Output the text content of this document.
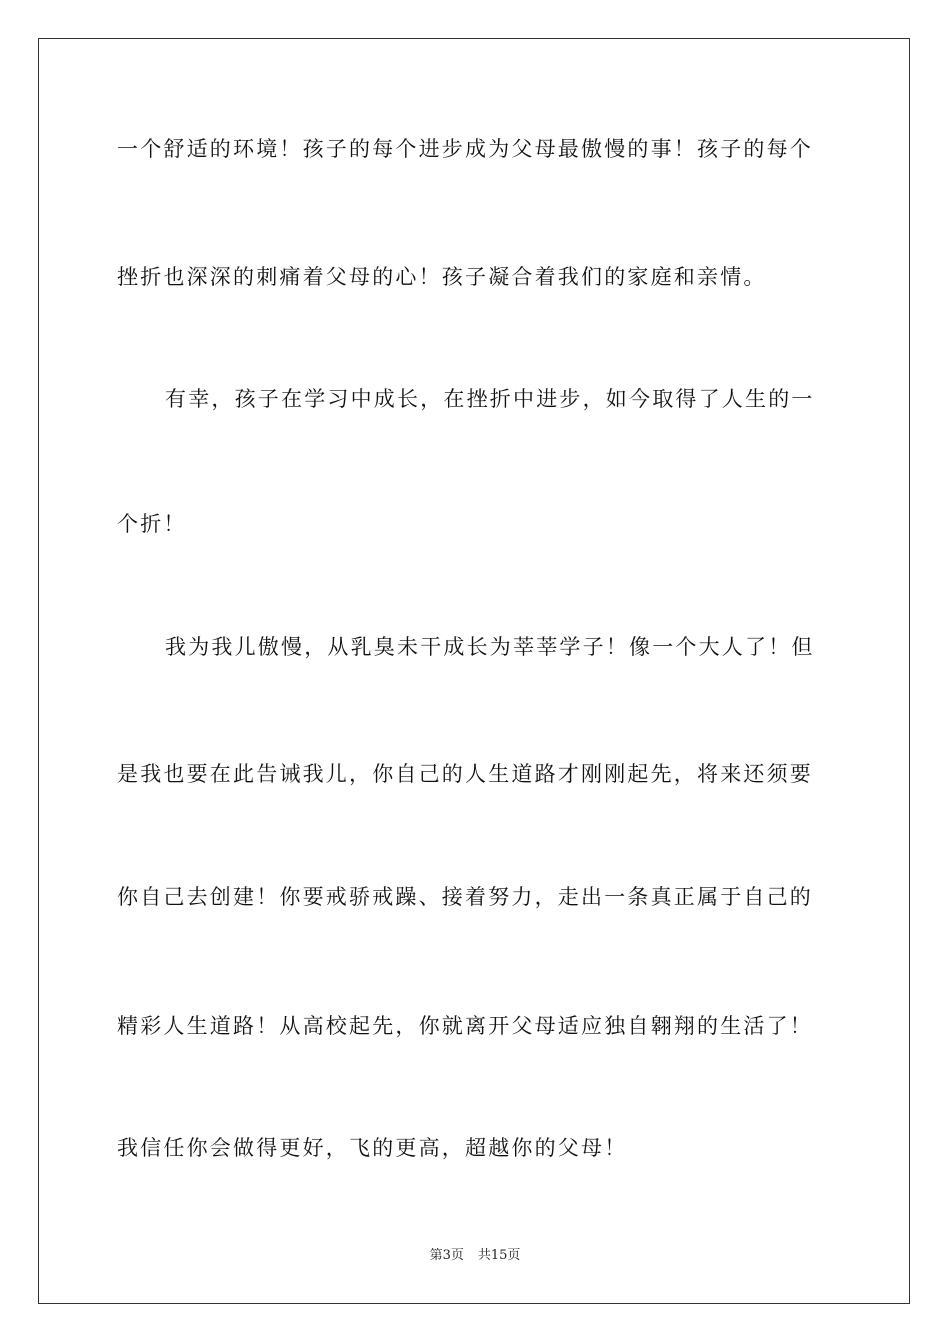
一个舒适的环境！孩子的每个进步成为父母最傲慢的事！孩子的每个
挫折也深深的刺痛着父母的心！孩子凝合着我们的家庭和亲情。
有幸，孩子在学习中成长，在挫折中进步，如今取得了人生的一
个折！
我为我儿傲慢，从乳臭未干成长为莘莘学子！像一个大人了！但
是我也要在此告诫我儿，你自己的人生道路才刚刚起先，将来还须要
你自己去创建！你要戒骄戒躁、接着努力，走出一条真正属于自己的
精彩人生道路！从高校起先，你就离开父母适应独自翱翔的生活了！
我信任你会做得更好，飞的更高，超越你的父母！
第3页 共15页
